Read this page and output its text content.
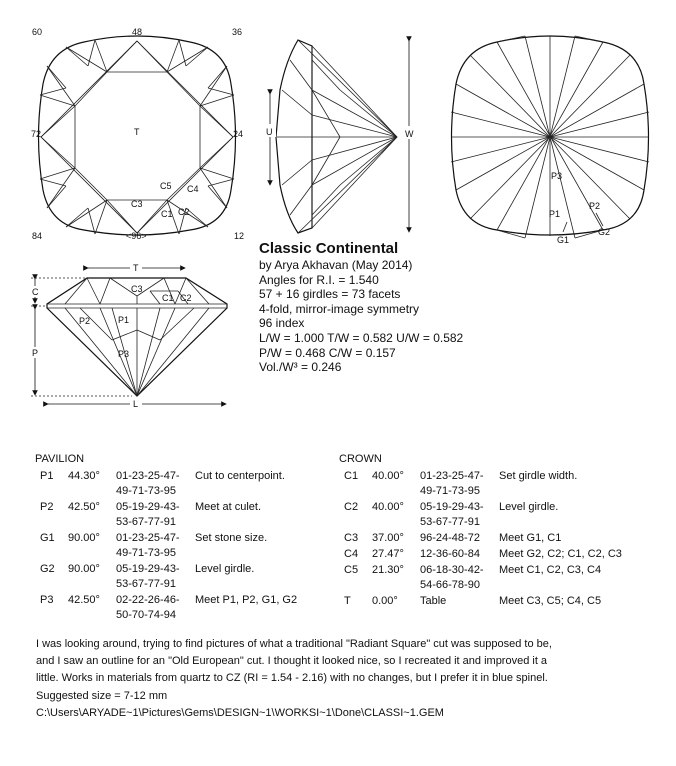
60	48	36
72	24
84	12
<96>
T
C5 C4
C3
C1 C2
U	W
P3
P1
P2
G1
G2
T
C
P
L
C3
C1 C2
P2	P1
P3
Classic Continental
by Arya Akhavan (May 2014)
Angles for R.I. = 1.540
57 + 16 girdles = 73 facets
4-fold, mirror-image symmetry
96 index
L/W = 1.000 T/W = 0.582 U/W = 0.582
P/W = 0.468 C/W = 0.157
Vol./W³ = 0.246
PAVILION
P1 44.30° 01-23-25-47-
49-71-73-95
Cut to centerpoint.
P2 42.50° 05-19-29-43-
53-67-77-91
Meet at culet.
G1 90.00° 01-23-25-47-
49-71-73-95
Set stone size.
G2 90.00° 05-19-29-43-
53-67-77-91
Level girdle.
P3 42.50° 02-22-26-46-
50-70-74-94
Meet P1, P2, G1, G2
CROWN
C1 40.00° 01-23-25-47-
49-71-73-95
Set girdle width.
C2 40.00° 05-19-29-43-
53-67-77-91
Level girdle.
C3 37.00° 96-24-48-72	Meet G1, C1
C4 27.47° 12-36-60-84	Meet G2, C2; C1, C2, C3
C5 21.30° 06-18-30-42-
54-66-78-90
Meet C1, C2, C3, C4
T 0.00° Table	Meet C3, C5; C4, C5
I was looking around, trying to find pictures of what a traditional "Radiant Square" cut was supposed to be,
and I saw an outline for an "Old European" cut. I thought it looked nice, so I recreated it and improved it a
little. Works in materials from quartz to CZ (RI = 1.54 - 2.16) with no changes, but I prefer it in blue spinel.
Suggested size = 7-12 mm
C:\Users\ARYADE~1\Pictures\Gems\DESIGN~1\WORKSI~1\Done\CLASSI~1.GEM
